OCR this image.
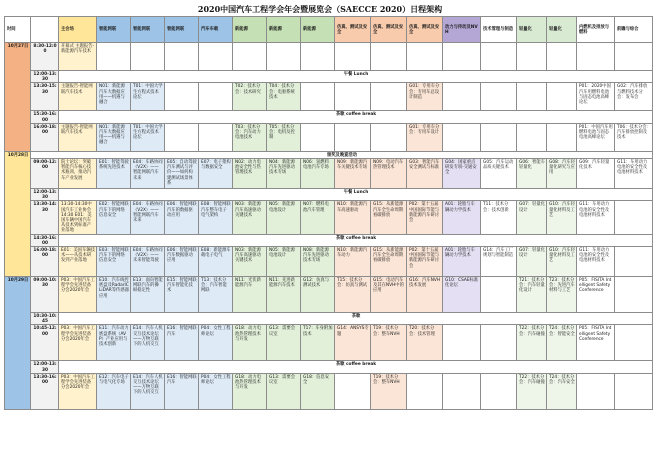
2020中国汽车工程学会年会暨展览会（SAECCE 2020）日程架构
时间		主会场	智能网联	智能网联	智能网联	汽车车载	新能源	新能源	新能源	仿真、测试及安全	仿真、测试及安全	仿真、测试及安全	动力与传动及NVH	技术管理与制造	轻量化	轻量化	内燃机及排放与燃料	前瞻与综合
10月27日	8:30-12:00	开幕式 主题报告-新能源汽车技术																
	12:00-13:30	午餐 Lunch																
	13:30-15:30	主题报告-智能网联汽车技术	N01：新能源汽车大数据应用——机遇与融合	T01：中国大学生方程式技术论坛			T02：技术分会：技术研究	T04：技术分会：电驱系统技术				G01：专用车分会：专用车总设计制造					P01：2020中国汽车用燃料电池与固态电池高峰论坛	G02：汽车排放与燃料技术分会：发布会
	15:30-16:00	茶歇 coffee break																
	16:00-18:00	主题报告-智能网联汽车技术	N01：新能源汽车大数据应用——机遇与融合	T01：中国大学生方程式技术论坛			T03：技术分会：汽车动力电池技术	T05：技术分会：电机及控制				G01：专用车分会：专用车设计					P01：中国汽车用燃料电池与固态电池高峰论坛	T06：技术分会：汽车排放控制及技术
10月28日	颁奖及晚宴活动																	
	09:00-12:00	院士论坛：突破智能汽车核心技术瓶颈，推动汽车产业发展	E01：智能驾驶系统先进技术	E04：车路协同（V2X）——智能网联汽车未来	E05：自动驾驶汽车测试与评价——如何构建测试场景体系	E07：电子架构与数据安全	N02：动力电池安全性与热管理技术	N04：新能源汽车先进驱动技术专场	N06：氢燃料电池汽车专场	N09：新能源汽车关键技术专场	N09：电动汽车热管理技术	G03：智能汽车安全测试与标准	G04：国家重点研发专项-交通安全	G05：汽车运动品质关键技术	G06：智能车轻量化	G08：汽车轻量化研究与应用	G09：汽车轻量化技术	G11：车用动力电池的安全性及电池材料技术
	12:00-13:30	午餐 Lunch																
	13:30-14:30	13:30-14:30中国汽车工业协会 14:30 E01：美国车辆中国汽车从技术到标准产业落地	E02：智能网联汽车下的网络信息安全	E04：车路协同（V2X）——智能网联汽车未来	E06：智能网联汽车的数据驱动应用	E08：智能网联汽车整车电子电气架构	N03：新能源汽车高速驱动关键技术	N05：新能源电池设计	N07：燃料电池汽车管理	N10：新能源汽车高速驱动	G15：从新能源汽车全生命周期看碳排放	P02：第十五届中国国际节能与新能源汽车研讨会	A01：轮胎与车辆动力学技术	T11：技术分会：技术创新	G07：轻量化设计	G10：汽车轻量化材料及工艺	G11：车用动力电池的安全性及电池材料技术	
	14:30-16:00	茶歇 coffee break																
	16:00-18:00	E01：美国车辆技术——从技术研发到产业落地	E03：智能网联汽车下的网络信息安全	E04：车路协同（V2X）——未来智能驾驶	E06：智能网联汽车数据驱动应用	E08：新能源车载电子电气	N03：新能源汽车高速驱动关键技术	N05：新能源电池设计	N08：新能源汽车先进驱动技术专场	N10：新能源汽车动力	G15：从新能源汽车全生命周期看碳排放	P02：第十五届中国国际节能与新能源汽车研讨会	A01：轮胎与车辆动力学技术	G14：汽车工厂规划与智能制造	G07：轻量化设计	G10：汽车轻量化材料及工艺	G11：车用动力电池的安全性及电池材料技术	
10月29日	09:00-10:30	P03：中国汽车工程学会先进装备分会2020年会	E10：汽车线控底盘及RadarIC LiDAR等传感器应用	E13：面向智能网联汽车的操纵稳定性	E15：智能网联汽车智能化技术	T13：技术分会：汽车智能网联	N11：光伏新能源汽车	N11：先进新能源汽车技术	G12：仿真与测试技术	T15：技术分会：仿真与测试	G15：电动汽车及其在NVH中的应用	G16：汽车NVH技术发展	G10：CSAE标准化论坛		T21：技术分会：汽车轻量化设计	T23：技术分会：先进汽车材料与工艺	P05：FISITA Intelligent Safety Conference	
	10:30-10:45	茶歇																
	10:45-12:00	P03：中国汽车工程学会先进装备分会2020年会	E11：汽车动力底盘系统（AVP）产业应用与技术创新	E14：汽车人机交互技术论坛——万物互联下的人机交互	E16：智能网联汽车	P04：女性工程师论坛	G18：动力电池热管理技术与开发	G13：需要会议室	T17：车身附加技术	G14：ANSYS专题	T19：技术分会：整车NVH	T20：技术分会：技术管理			T22：技术分会：汽车碰撞	T24：技术分会：智能安全	P05：FISITA Intelligent Safety Conference	
	12:00-13:30	茶歇 coffee break																
	13:30-16:00	P03：中国汽车工程学会先进装备分会2020年会	E12：汽车电子与电气化专场	E14：汽车人机交互技术论坛——万物互联下的人机交互	E16：智能网联汽车	P04：女性工程师论坛	G18：动力电池热管理技术与开发	G13：需要会议室	G18：信息安全		T19：技术分会：整车NVH				T22：技术分会：汽车碰撞	T24：技术分会：汽车安全		
